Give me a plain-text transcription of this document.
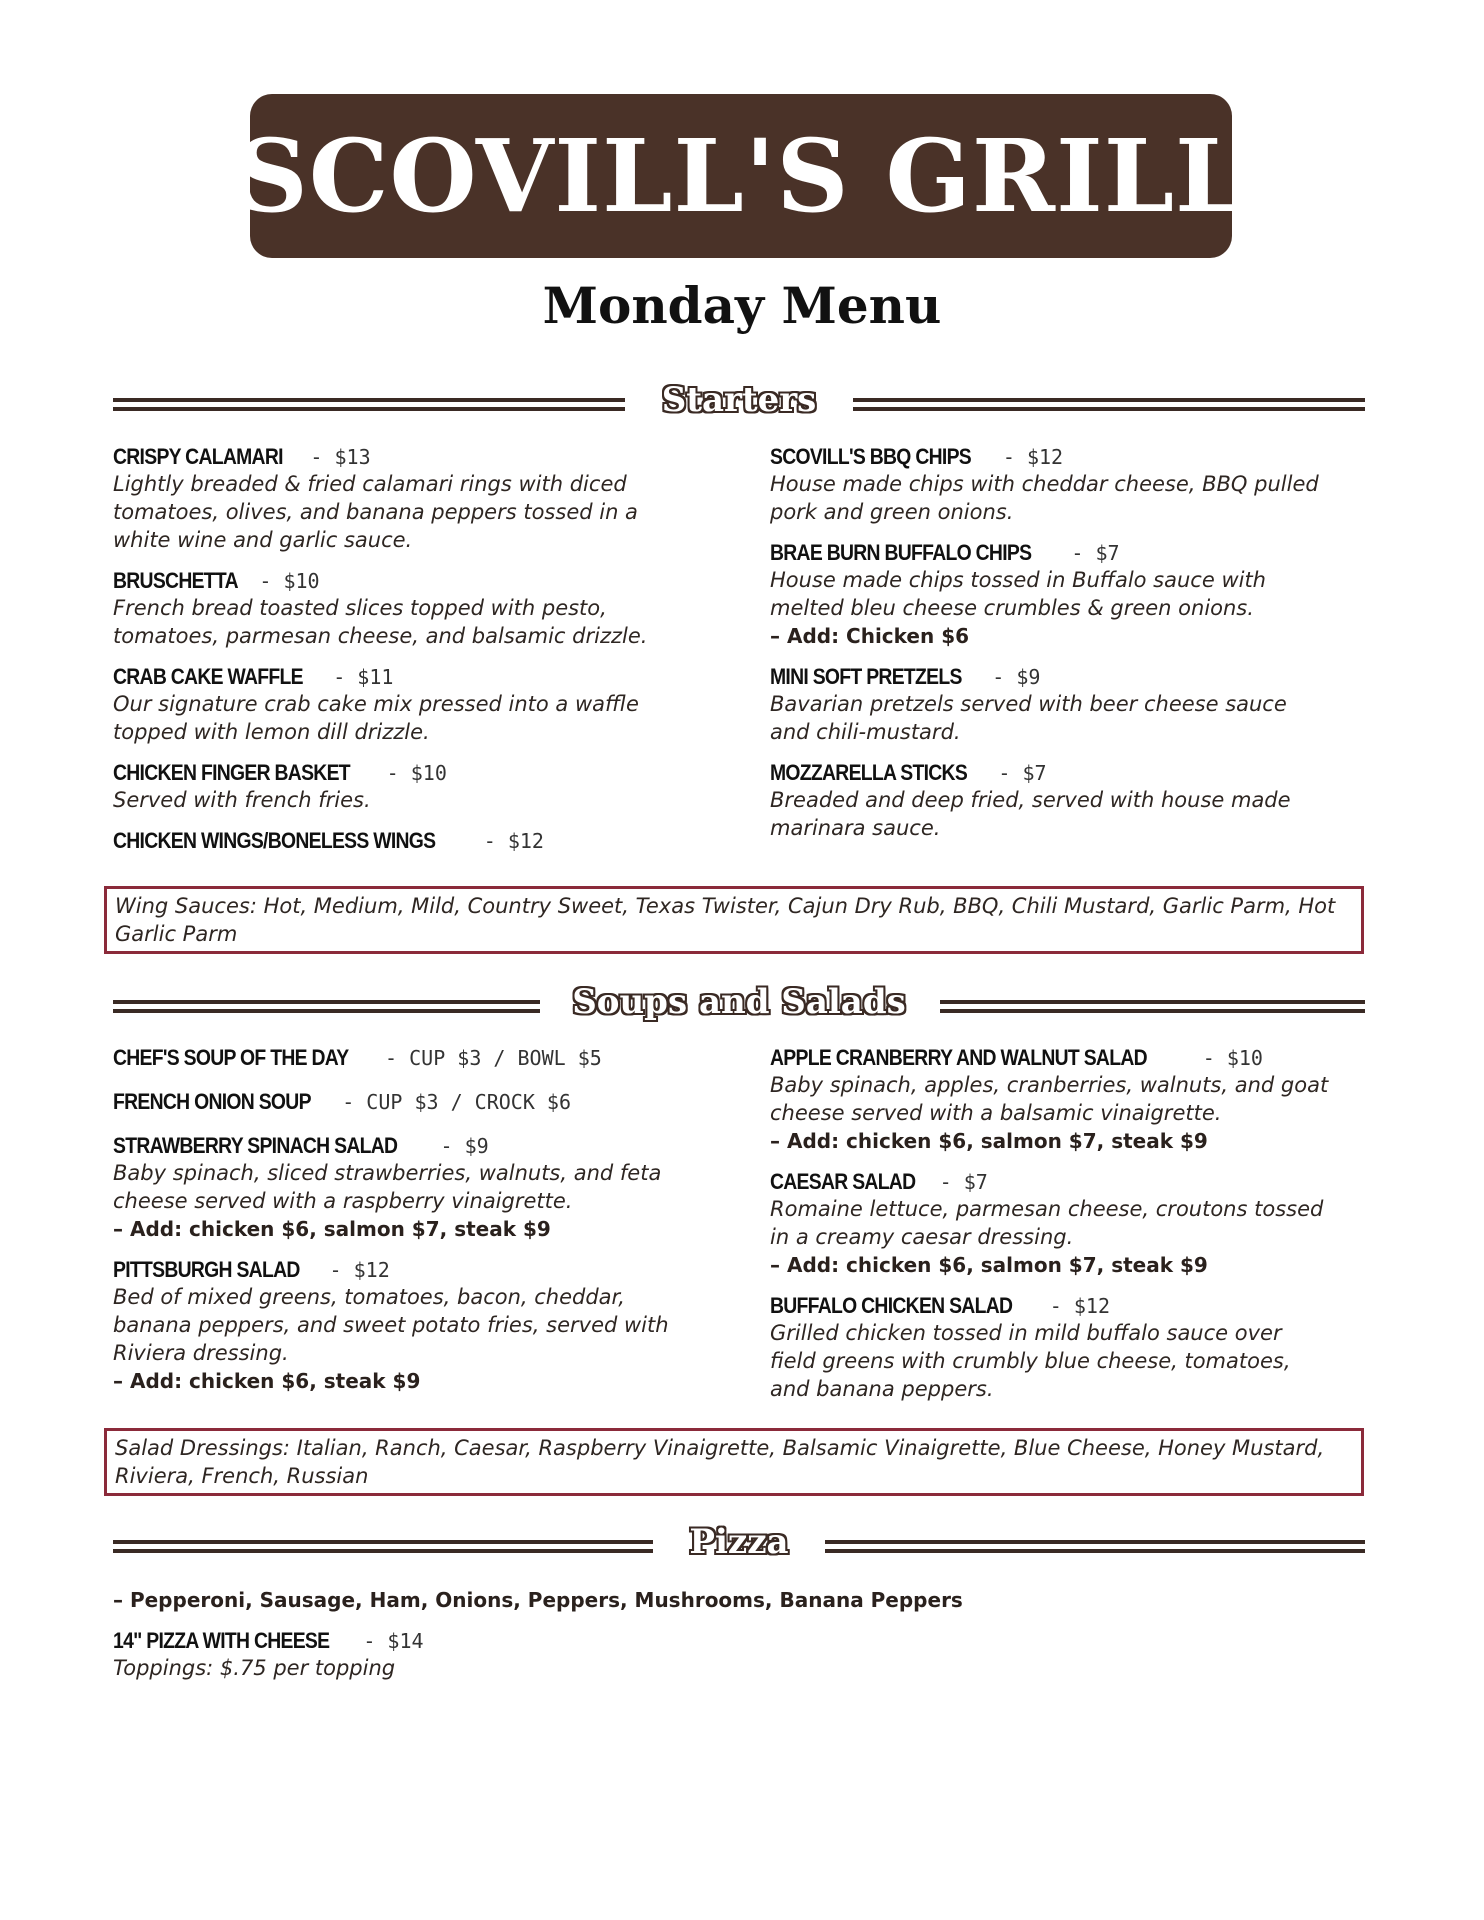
SCOVILL'S GRILL
Monday Menu
Starters
CRISPY CALAMARI - $13
Lightly breaded & fried calamari rings with diced tomatoes, olives, and banana peppers tossed in a white wine and garlic sauce.
BRUSCHETTA - $10
French bread toasted slices topped with pesto, tomatoes, parmesan cheese, and balsamic drizzle.
CRAB CAKE WAFFLE - $11
Our signature crab cake mix pressed into a waffle topped with lemon dill drizzle.
CHICKEN FINGER BASKET - $10
Served with french fries.
CHICKEN WINGS/BONELESS WINGS - $12
SCOVILL'S BBQ CHIPS - $12
House made chips with cheddar cheese, BBQ pulled pork and green onions.
BRAE BURN BUFFALO CHIPS - $7
House made chips tossed in Buffalo sauce with melted bleu cheese crumbles & green onions.
– Add: Chicken $6
MINI SOFT PRETZELS - $9
Bavarian pretzels served with beer cheese sauce and chili-mustard.
MOZZARELLA STICKS - $7
Breaded and deep fried, served with house made marinara sauce.
Wing Sauces: Hot, Medium, Mild, Country Sweet, Texas Twister, Cajun Dry Rub, BBQ, Chili Mustard, Garlic Parm, Hot Garlic Parm
Soups and Salads
CHEF'S SOUP OF THE DAY - CUP $3 / BOWL $5
FRENCH ONION SOUP - CUP $3 / CROCK $6
STRAWBERRY SPINACH SALAD - $9
Baby spinach, sliced strawberries, walnuts, and feta cheese served with a raspberry vinaigrette.
– Add: chicken $6, salmon $7, steak $9
PITTSBURGH SALAD - $12
Bed of mixed greens, tomatoes, bacon, cheddar, banana peppers, and sweet potato fries, served with Riviera dressing.
– Add: chicken $6, steak $9
APPLE CRANBERRY AND WALNUT SALAD	- $10
Baby spinach, apples, cranberries, walnuts, and goat cheese served with a balsamic vinaigrette.
– Add: chicken $6, salmon $7, steak $9
CAESAR SALAD - $7
Romaine lettuce, parmesan cheese, croutons tossed in a creamy caesar dressing.
– Add: chicken $6, salmon $7, steak $9
BUFFALO CHICKEN SALAD - $12
Grilled chicken tossed in mild buffalo sauce over field greens with crumbly blue cheese, tomatoes, and banana peppers.
Salad Dressings: Italian, Ranch, Caesar, Raspberry Vinaigrette, Balsamic Vinaigrette, Blue Cheese, Honey Mustard, Riviera, French, Russian
Pizza
– Pepperoni, Sausage, Ham, Onions, Peppers, Mushrooms, Banana Peppers
14" PIZZA WITH CHEESE - $14
Toppings: $.75 per topping
